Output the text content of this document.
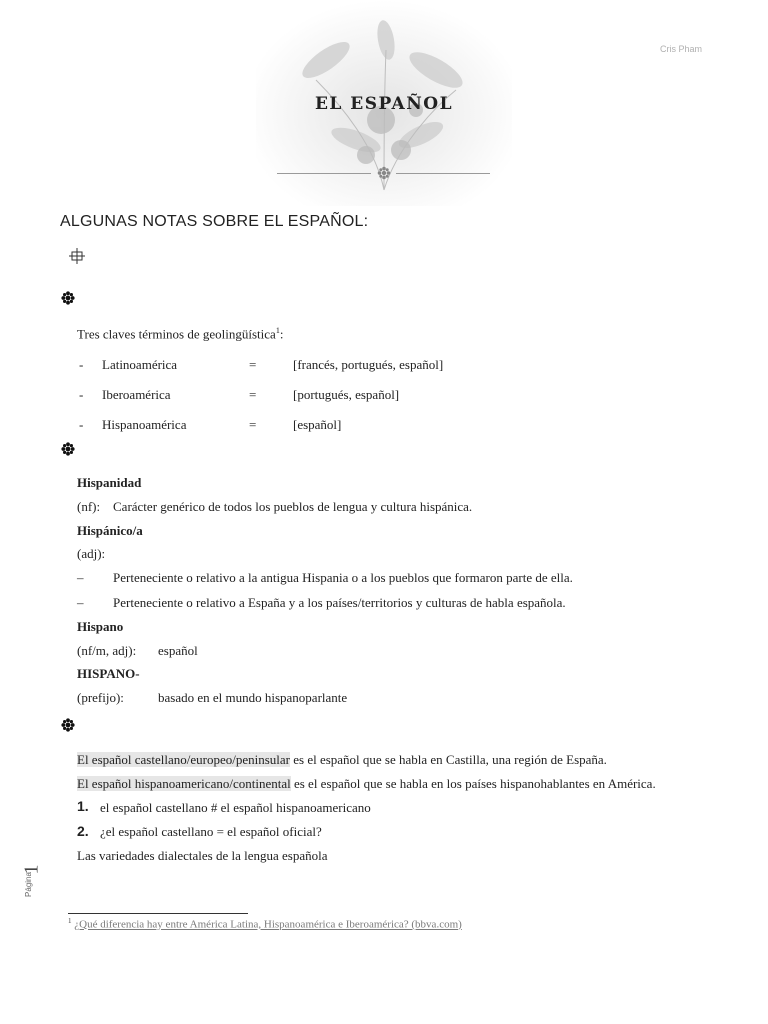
Cris Pham
EL ESPAÑOL
ALGUNAS NOTAS SOBRE EL ESPAÑOL:
Tres claves términos de geolingüística$^1$:
- Latinoamérica	=	[francés, portugués, español]
- Iberoamérica	=	[portugués, español]
- Hispanoamérica	=	[español]
Hispanidad
(nf): Carácter genérico de todos los pueblos de lengua y cultura hispánica.
Hispánico/a
(adj):
– Perteneciente o relativo a la antigua Hispania o a los pueblos que formaron parte de ella.
– Perteneciente o relativo a España y a los países/territorios y culturas de habla española.
Hispano
(nf/m, adj): español
HISPANO-
(prefijo):	basado en el mundo hispanoparlante
El español castellano/europeo/peninsular es el español que se habla en Castilla, una región de España.
El español hispanoamericano/continental es el español que se habla en los países hispanohablantes en América.
1. el español castellano # el español hispanoamericano
2. ¿el español castellano = el español oficial?
Las variedades dialectales de la lengua española
Página
1
$^1$ ¿Qué diferencia hay entre América Latina, Hispanoamérica e Iberoamérica? (bbva.com)
